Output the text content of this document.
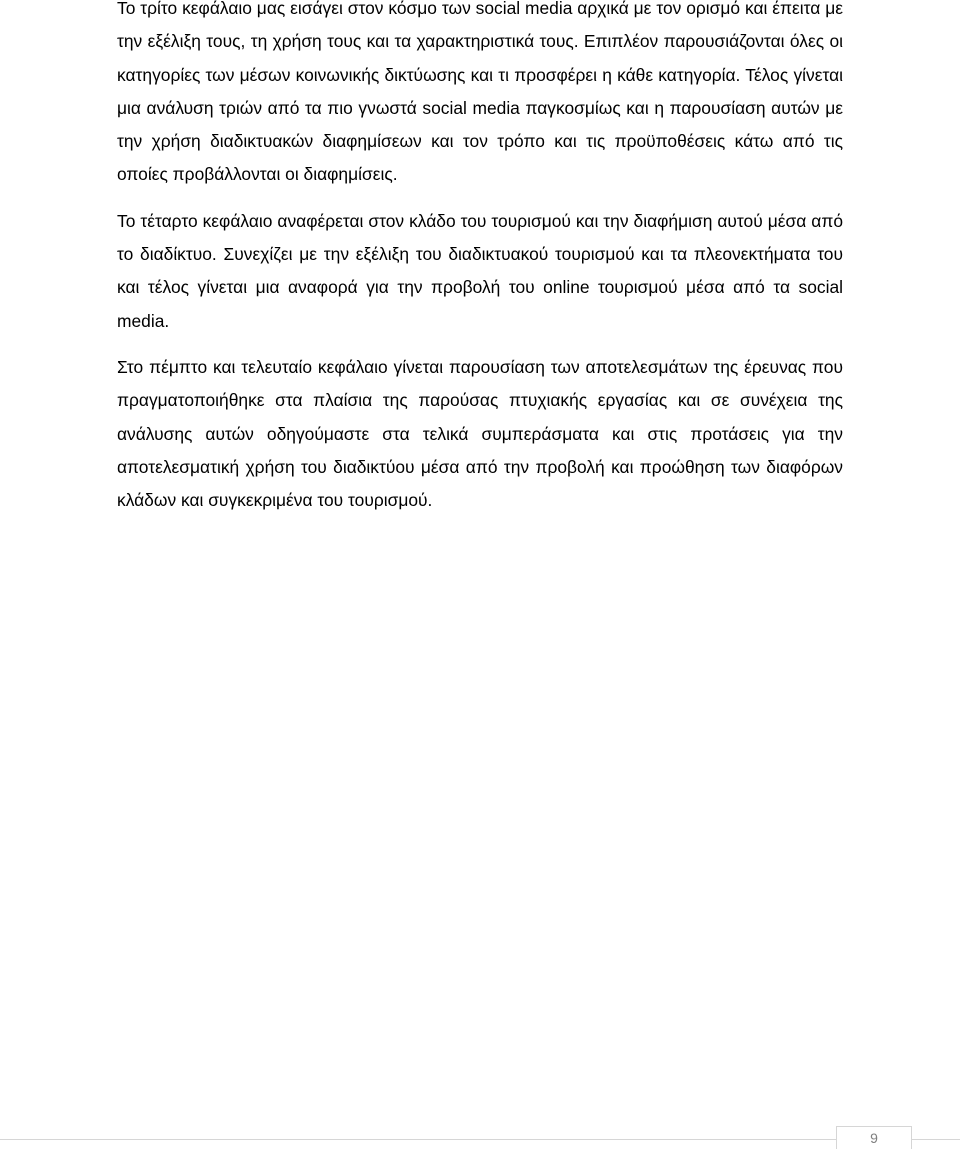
Το τρίτο κεφάλαιο μας εισάγει στον κόσμο των social media αρχικά με τον ορισμό και έπειτα με την εξέλιξη τους, τη χρήση τους και τα χαρακτηριστικά τους. Επιπλέον παρουσιάζονται όλες οι κατηγορίες των μέσων κοινωνικής δικτύωσης και τι προσφέρει η κάθε κατηγορία. Τέλος γίνεται μια ανάλυση τριών από τα πιο γνωστά social media παγκοσμίως και η παρουσίαση αυτών με την χρήση διαδικτυακών διαφημίσεων και τον τρόπο και τις προϋποθέσεις κάτω από τις οποίες προβάλλονται οι διαφημίσεις.

Το τέταρτο κεφάλαιο αναφέρεται στον κλάδο του τουρισμού και την διαφήμιση αυτού μέσα από το διαδίκτυο. Συνεχίζει με την εξέλιξη του διαδικτυακού τουρισμού και τα πλεονεκτήματα του και τέλος γίνεται μια αναφορά για την προβολή του online τουρισμού μέσα από τα social media.

Στο πέμπτο και τελευταίο κεφάλαιο γίνεται παρουσίαση των αποτελεσμάτων της έρευνας που πραγματοποιήθηκε στα πλαίσια της παρούσας πτυχιακής εργασίας και σε συνέχεια της ανάλυσης αυτών οδηγούμαστε στα τελικά συμπεράσματα και στις προτάσεις για την αποτελεσματική χρήση του διαδικτύου μέσα από την προβολή και προώθηση των διαφόρων κλάδων και συγκεκριμένα του τουρισμού.

9
